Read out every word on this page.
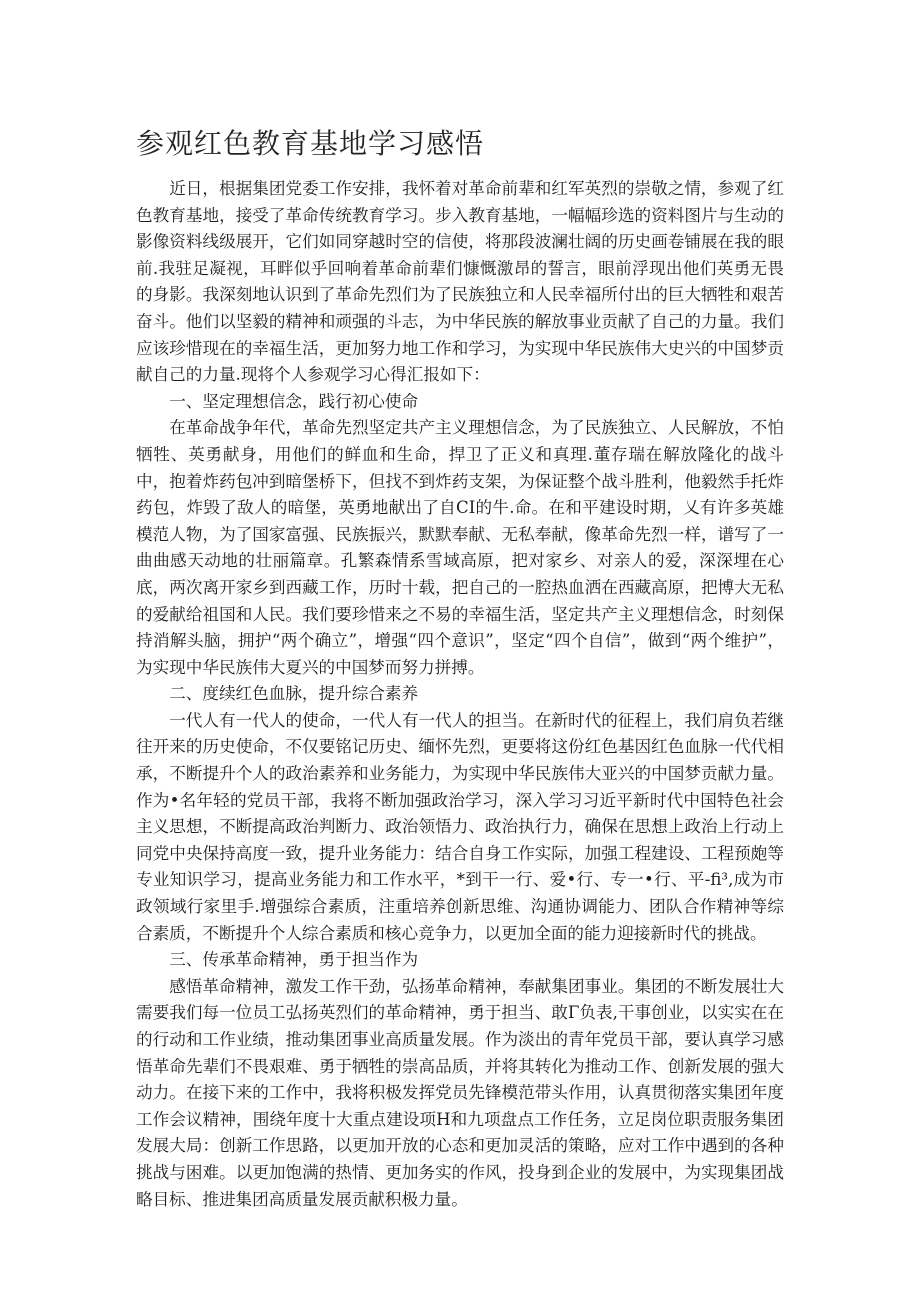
参观红色教育基地学习感悟

近日，根据集团党委工作安排，我怀着对革命前辈和红军英烈的崇敬之情，参观了红色教育基地，接受了革命传统教育学习。步入教育基地，一幅幅珍选的资料图片与生动的影像资料线级展开，它们如同穿越时空的信使，将那段波澜壮阔的历史画卷铺展在我的眼前.我驻足凝视，耳畔似乎回响着革命前辈们慷慨激昂的誓言，眼前浮现出他们英勇无畏的身影。我深刻地认识到了革命先烈们为了民族独立和人民幸福所付出的巨大牺牲和艰苦奋斗。他们以坚毅的精神和顽强的斗志，为中华民族的解放事业贡献了自己的力量。我们应该珍惜现在的幸福生活，更加努力地工作和学习，为实现中华民族伟大史兴的中国梦贡献自己的力量.现将个人参观学习心得汇报如下：

一、坚定理想信念，践行初心使命

在革命战争年代，革命先烈坚定共产主义理想信念，为了民族独立、人民解放，不怕牺牲、英勇献身，用他们的鲜血和生命，捍卫了正义和真理.董存瑞在解放隆化的战斗中，抱着炸药包冲到暗堡桥下，但找不到炸药支架，为保证整个战斗胜利，他毅然手托炸药包，炸毁了敌人的暗堡，英勇地献出了自CI的牛.命。在和平建设时期，乂有许多英雄模范人物，为了国家富强、民族振兴，默默奉献、无私奉献，像革命先烈一样，谱写了一曲曲感天动地的壮丽篇章。孔繁森情系雪域高原，把对家乡、对亲人的爱，深深埋在心底，两次离开家乡到西藏工作，历时十载，把自己的一腔热血洒在西藏高原，把博大无私的爱献给祖国和人民。我们要珍惜来之不易的幸福生活，坚定共产主义理想信念，时刻保持消解头脑，拥护“两个确立”，增强“四个意识”，坚定“四个自信”，做到“两个维护”，为实现中华民族伟大夏兴的中国梦而努力拼搏。

二、度续红色血脉，提升综合素养

一代人有一代人的使命，一代人有一代人的担当。在新时代的征程上，我们肩负若继往开来的历史使命，不仅要铭记历史、缅怀先烈，更要将这份红色基因红色血脉一代代相承，不断提升个人的政治素养和业务能力，为实现中华民族伟大亚兴的中国梦贡献力量。作为•名年轻的党员干部，我将不断加强政治学习，深入学习习近平新时代中国特色社会主义思想，不断提高政治判断力、政治领悟力、政治执行力，确保在思想上政治上行动上同党中央保持高度一致，提升业务能力：结合自身工作实际，加强工程建设、工程预皰等专业知识学习，提高业务能力和工作水平，*到干一行、爱•行、专一•行、平-fi³,成为市政领域行家里手.增强综合素质，注重培养创新思维、沟通协调能力、团队合作精神等综合素质，不断提升个人综合素质和核心竞争力，以更加全面的能力迎接新时代的挑战。

三、传承革命精神，勇于担当作为

感悟革命精神，激发工作干劲，弘扬革命精神，奉献集团事业。集团的不断发展壮大需要我们每一位员工弘扬英烈们的革命精神，勇于担当、敢Γ负表,干事创业，以实实在在的行动和工作业绩，推动集团事业高质量发展。作为淡出的青年党员干部，要认真学习感悟革命先辈们不畏艰难、勇于牺牲的崇高品质，并将其转化为推动工作、创新发展的强大动力。在接下来的工作中，我将积极发挥党员先锋模范带头作用，认真贯彻落实集团年度工作会议精神，围绕年度十大重点建设项H和九项盘点工作任务，立足岗位职责服务集团发展大局：创新工作思路，以更加开放的心态和更加灵活的策略，应对工作中遇到的各种挑战与困难。以更加饱满的热情、更加务实的作风，投身到企业的发展中，为实现集团战略目标、推进集团高质量发展贡献积极力量。
